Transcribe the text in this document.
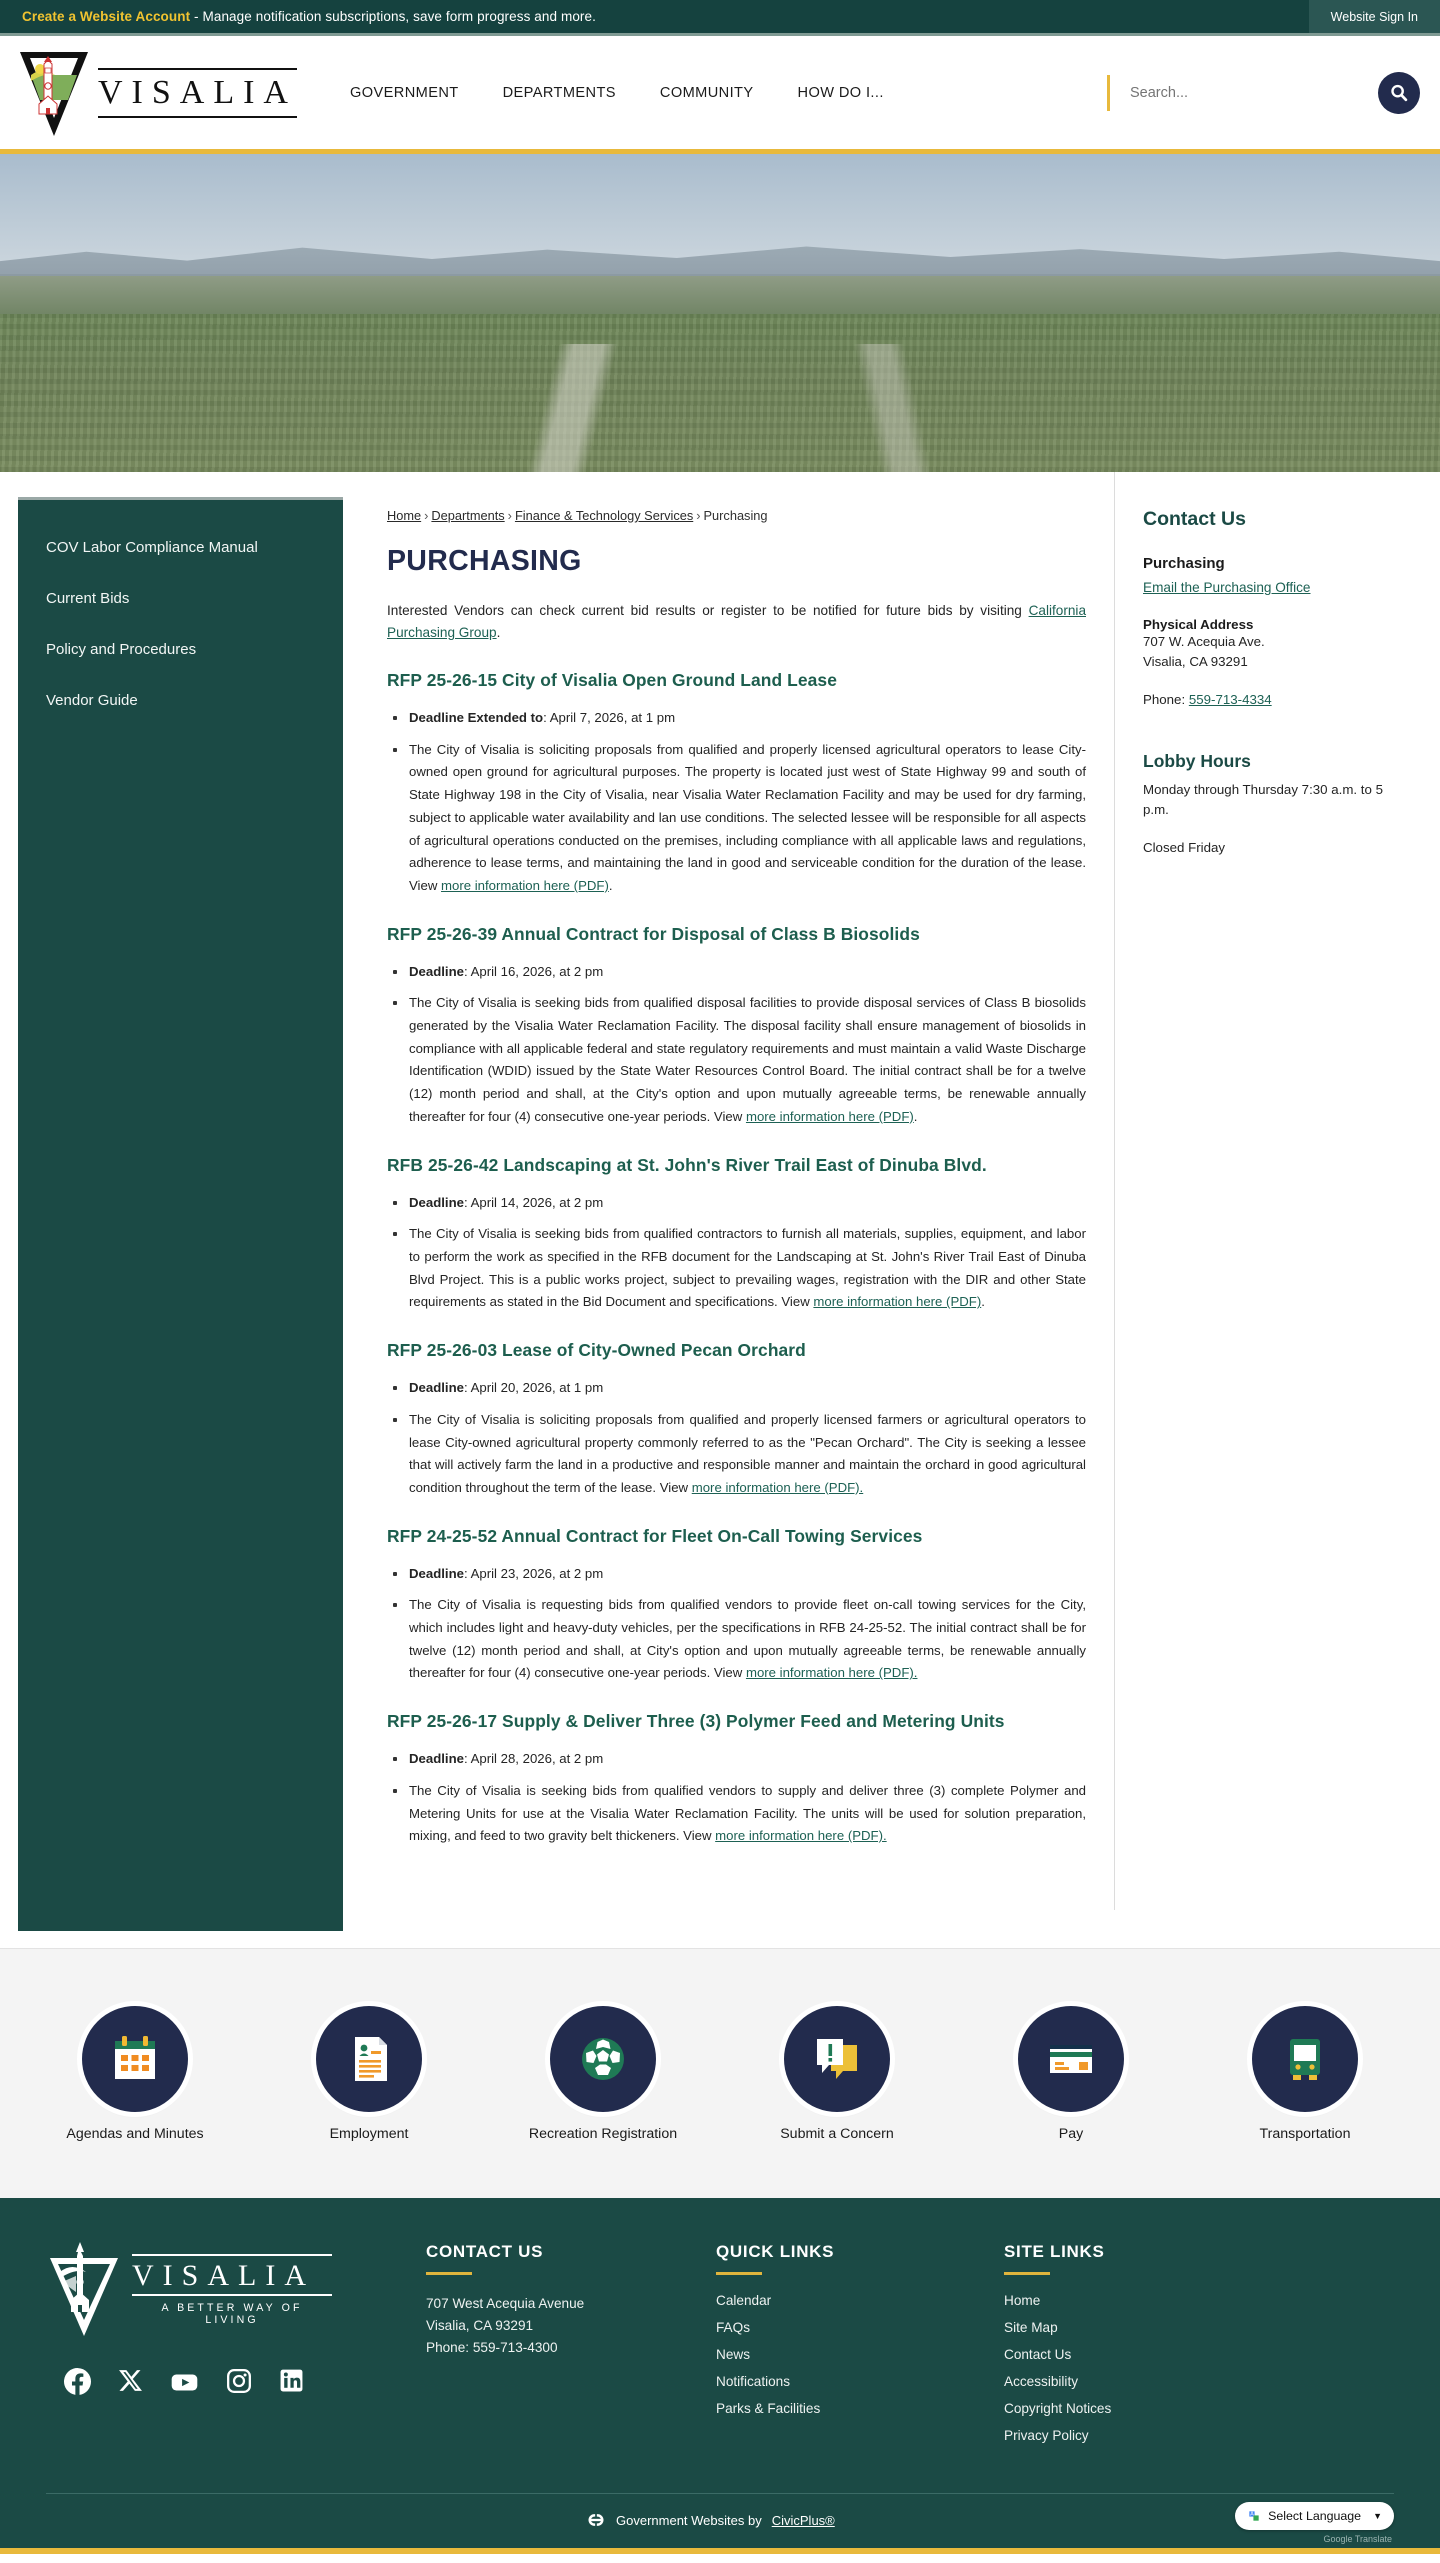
Create a Website Account - Manage notification subscriptions, save form progress and more.	Website Sign In
VISALIA	GOVERNMENT	DEPARTMENTS	COMMUNITY	HOW DO I...
Search...
COV Labor Compliance Manual
Current Bids
Policy and Procedures
Vendor Guide
Home › Departments › Finance & Technology Services › Purchasing
PURCHASING

Interested Vendors can check current bid results or register to be notified for future bids by visiting California Purchasing Group.

RFP 25-26-15 City of Visalia Open Ground Land Lease
Deadline Extended to: April 7, 2026, at 1 pm
The City of Visalia is soliciting proposals from qualified and properly licensed agricultural operators to lease City-owned open ground for agricultural purposes. The property is located just west of State Highway 99 and south of State Highway 198 in the City of Visalia, near Visalia Water Reclamation Facility and may be used for dry farming, subject to applicable water availability and lan use conditions. The selected lessee will be responsible for all aspects of agricultural operations conducted on the premises, including compliance with all applicable laws and regulations, adherence to lease terms, and maintaining the land in good and serviceable condition for the duration of the lease. View more information here (PDF).
RFP 25-26-39 Annual Contract for Disposal of Class B Biosolids
Deadline: April 16, 2026, at 2 pm
The City of Visalia is seeking bids from qualified disposal facilities to provide disposal services of Class B biosolids generated by the Visalia Water Reclamation Facility. The disposal facility shall ensure management of biosolids in compliance with all applicable federal and state regulatory requirements and must maintain a valid Waste Discharge Identification (WDID) issued by the State Water Resources Control Board. The initial contract shall be for a twelve (12) month period and shall, at the City's option and upon mutually agreeable terms, be renewable annually thereafter for four (4) consecutive one-year periods. View more information here (PDF).
RFB 25-26-42 Landscaping at St. John's River Trail East of Dinuba Blvd.
Deadline: April 14, 2026, at 2 pm
The City of Visalia is seeking bids from qualified contractors to furnish all materials, supplies, equipment, and labor to perform the work as specified in the RFB document for the Landscaping at St. John's River Trail East of Dinuba Blvd Project. This is a public works project, subject to prevailing wages, registration with the DIR and other State requirements as stated in the Bid Document and specifications. View more information here (PDF).
RFP 25-26-03 Lease of City-Owned Pecan Orchard
Deadline: April 20, 2026, at 1 pm
The City of Visalia is soliciting proposals from qualified and properly licensed farmers or agricultural operators to lease City-owned agricultural property commonly referred to as the "Pecan Orchard". The City is seeking a lessee that will actively farm the land in a productive and responsible manner and maintain the orchard in good agricultural condition throughout the term of the lease. View more information here (PDF).
RFP 24-25-52 Annual Contract for Fleet On-Call Towing Services
Deadline: April 23, 2026, at 2 pm
The City of Visalia is requesting bids from qualified vendors to provide fleet on-call towing services for the City, which includes light and heavy-duty vehicles, per the specifications in RFB 24-25-52. The initial contract shall be for twelve (12) month period and shall, at City's option and upon mutually agreeable terms, be renewable annually thereafter for four (4) consecutive one-year periods. View more information here (PDF).
RFP 25-26-17 Supply & Deliver Three (3) Polymer Feed and Metering Units
Deadline: April 28, 2026, at 2 pm
The City of Visalia is seeking bids from qualified vendors to supply and deliver three (3) complete Polymer and Metering Units for use at the Visalia Water Reclamation Facility. The units will be used for solution preparation, mixing, and feed to two gravity belt thickeners. View more information here (PDF).
Contact Us
Purchasing
Email the Purchasing Office
Physical Address
707 W. Acequia Ave.
Visalia, CA 93291
Phone: 559-713-4334
Lobby Hours
Monday through Thursday 7:30 a.m. to 5 p.m.
Closed Friday
Agendas and Minutes	Employment	Recreation Registration	Submit a Concern	Pay	Transportation
VISALIA
A BETTER WAY OF LIVING
CONTACT US
707 West Acequia Avenue
Visalia, CA 93291
Phone: 559-713-4300
QUICK LINKS
Calendar
FAQs
News
Notifications
Parks & Facilities
SITE LINKS
Home
Site Map
Contact Us
Accessibility
Copyright Notices
Privacy Policy
Government Websites by CivicPlus®	A Select Language ▼
Google Translate
